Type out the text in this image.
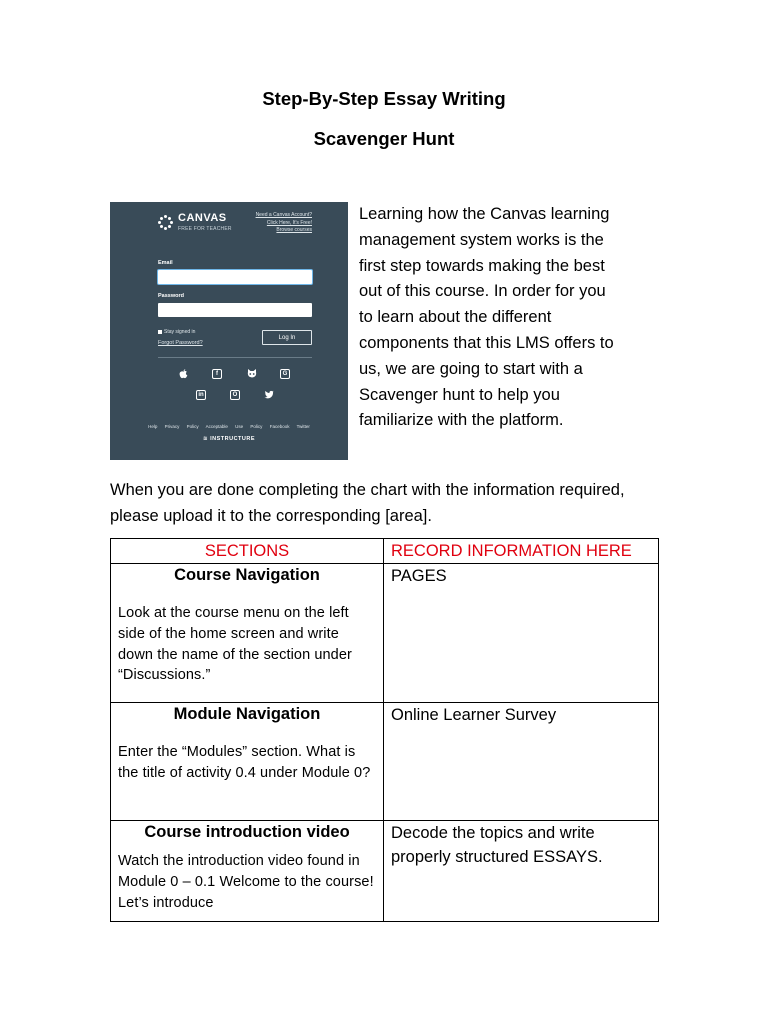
Step-By-Step Essay Writing
Scavenger Hunt
CANVAS
FREE FOR TEACHER
Need a Canvas Account?
Click Here, It's Free!
Browse courses
Email
Password
Stay signed in
Forgot Password?
Log In
f	G
in	O
Help Privacy Policy Acceptable Use Policy Facebook Twitter
≋ INSTRUCTURE
Learning how the Canvas learning
management system works is the
first step towards making the best
out of this course. In order for you
to learn about the different
components that this LMS offers to
us, we are going to start with a
Scavenger hunt to help you
familiarize with the platform.
When you are done completing the chart with the information required, please upload it to the corresponding [area].
SECTIONS	RECORD INFORMATION HERE

Course Navigation
Look at the course menu on the left side of the home screen and write down the name of the section under “Discussions.”	PAGES

Module Navigation
Enter the “Modules” section. What is the title of activity 0.4 under Module 0?	Online Learner Survey

Course introduction video
Watch the introduction video found in Module 0 – 0.1 Welcome to the course! Let’s introduce	Decode the topics and write properly structured ESSAYS.
